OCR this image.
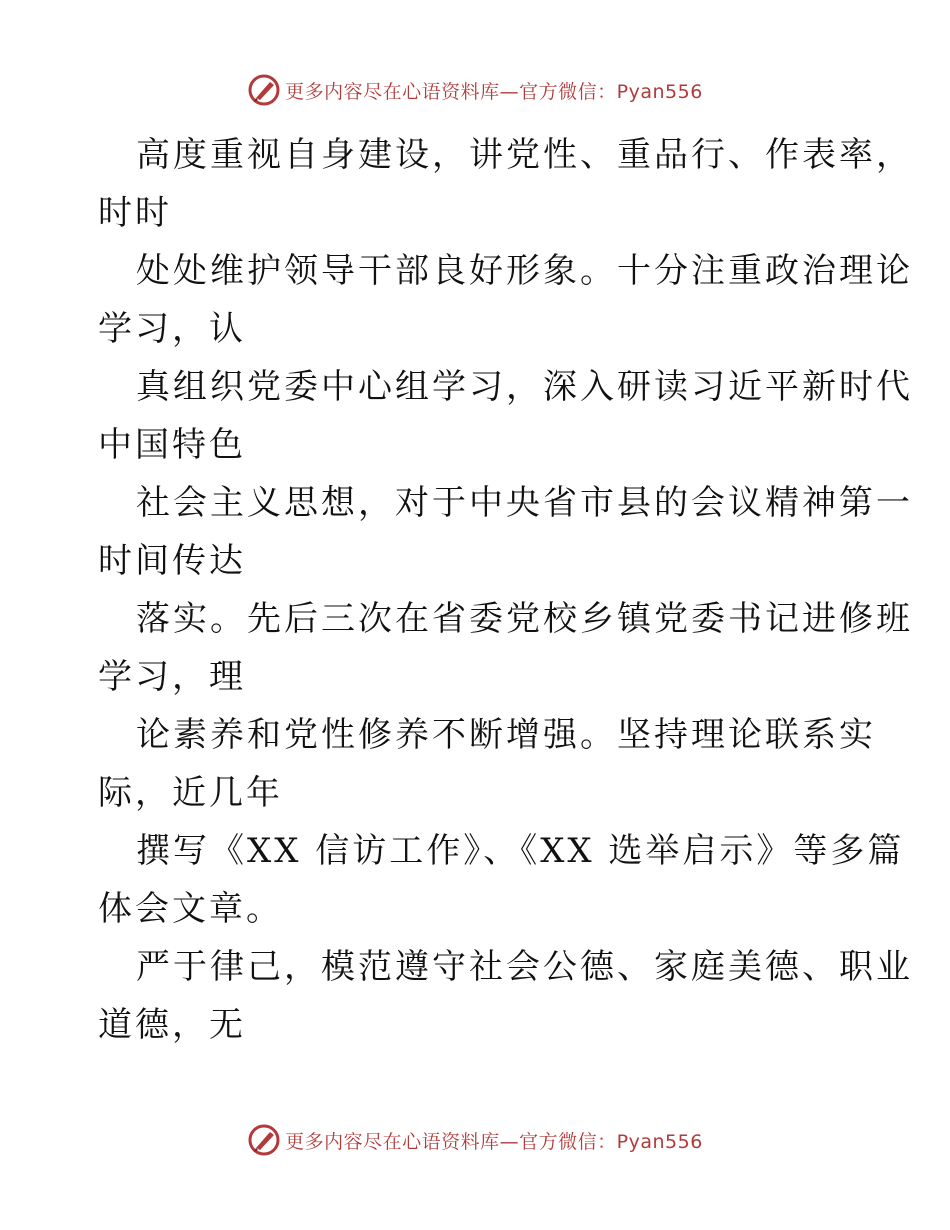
更多内容尽在心语资料库—官方微信：Pyan556

高度重视自身建设，讲党性、重品行、作表率，
时时

处处维护领导干部良好形象。十分注重政治理论
学习，认

真组织党委中心组学习，深入研读习近平新时代
中国特色

社会主义思想，对于中央省市县的会议精神第一
时间传达

落实。先后三次在省委党校乡镇党委书记进修班
学习，理

论素养和党性修养不断增强。坚持理论联系实
际，近几年

撰写《XX 信访工作》、《XX 选举启示》等多篇
体会文章。

严于律己，模范遵守社会公德、家庭美德、职业
道德，无

更多内容尽在心语资料库—官方微信：Pyan556
